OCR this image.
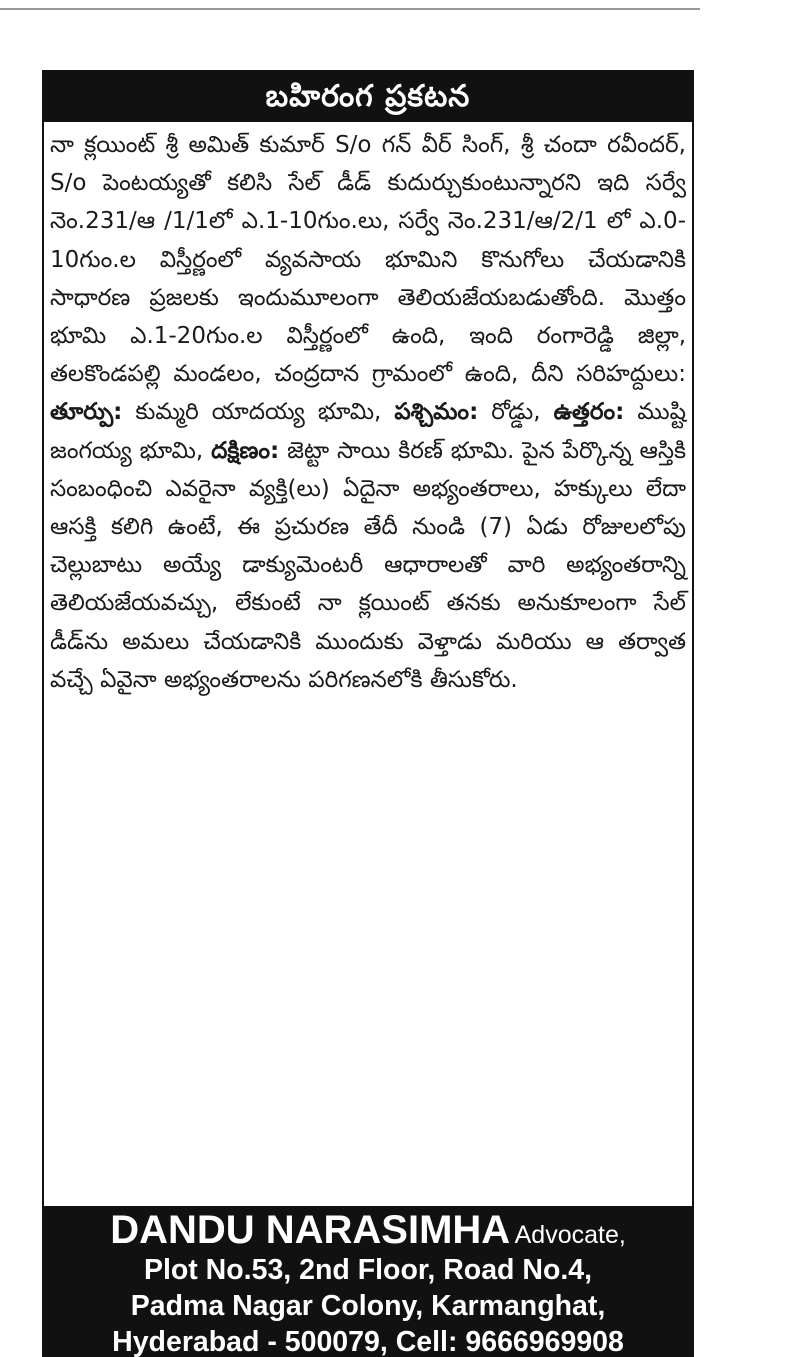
బహిరంగ ప్రకటన

నా క్లయింట్ శ్రీ అమిత్ కుమార్ S/o గన్ వీర్ సింగ్, శ్రీ చందా రవీందర్, S/o పెంటయ్యతో కలిసి సేల్ డీడ్ కుదుర్చుకుంటున్నారని ఇది సర్వే నెం.231/ఆ /1/1లో ఎ.1-10గుం.లు, సర్వే నెం.231/ఆ/2/1 లో ఎ.0-10గుం.ల విస్తీర్ణంలో వ్యవసాయ భూమిని కొనుగోలు చేయడానికి సాధారణ ప్రజలకు ఇందుమూలంగా తెలియజేయబడుతోంది. మొత్తం భూమి ఎ.1-20గుం.ల విస్తీర్ణంలో ఉంది, ఇంది రంగారెడ్డి జిల్లా, తలకొండపల్లి మండలం, చంద్రదాన గ్రామంలో ఉంది, దీని సరిహద్దులు: తూర్పు: కుమ్మరి యాదయ్య భూమి, పశ్చిమం: రోడ్డు, ఉత్తరం: ముష్టి జంగయ్య భూమి, దక్షిణం: జెట్టా సాయి కిరణ్ భూమి. పైన పేర్కొన్న ఆస్తికి సంబంధించి ఎవరైనా వ్యక్తి(లు) ఏదైనా అభ్యంతరాలు, హక్కులు లేదా ఆసక్తి కలిగి ఉంటే, ఈ ప్రచురణ తేదీ నుండి (7) ఏడు రోజులలోపు చెల్లుబాటు అయ్యే డాక్యుమెంటరీ ఆధారాలతో వారి అభ్యంతరాన్ని తెలియజేయవచ్చు, లేకుంటే నా క్లయింట్ తనకు అనుకూలంగా సేల్ డీడ్‌ను అమలు చేయడానికి ముందుకు వెళ్తాడు మరియు ఆ తర్వాత వచ్చే ఏవైనా అభ్యంతరాలను పరిగణనలోకి తీసుకోరు.

DANDU NARASIMHA Advocate,
Plot No.53, 2nd Floor, Road No.4,
Padma Nagar Colony, Karmanghat,
Hyderabad - 500079, Cell: 9666969908
